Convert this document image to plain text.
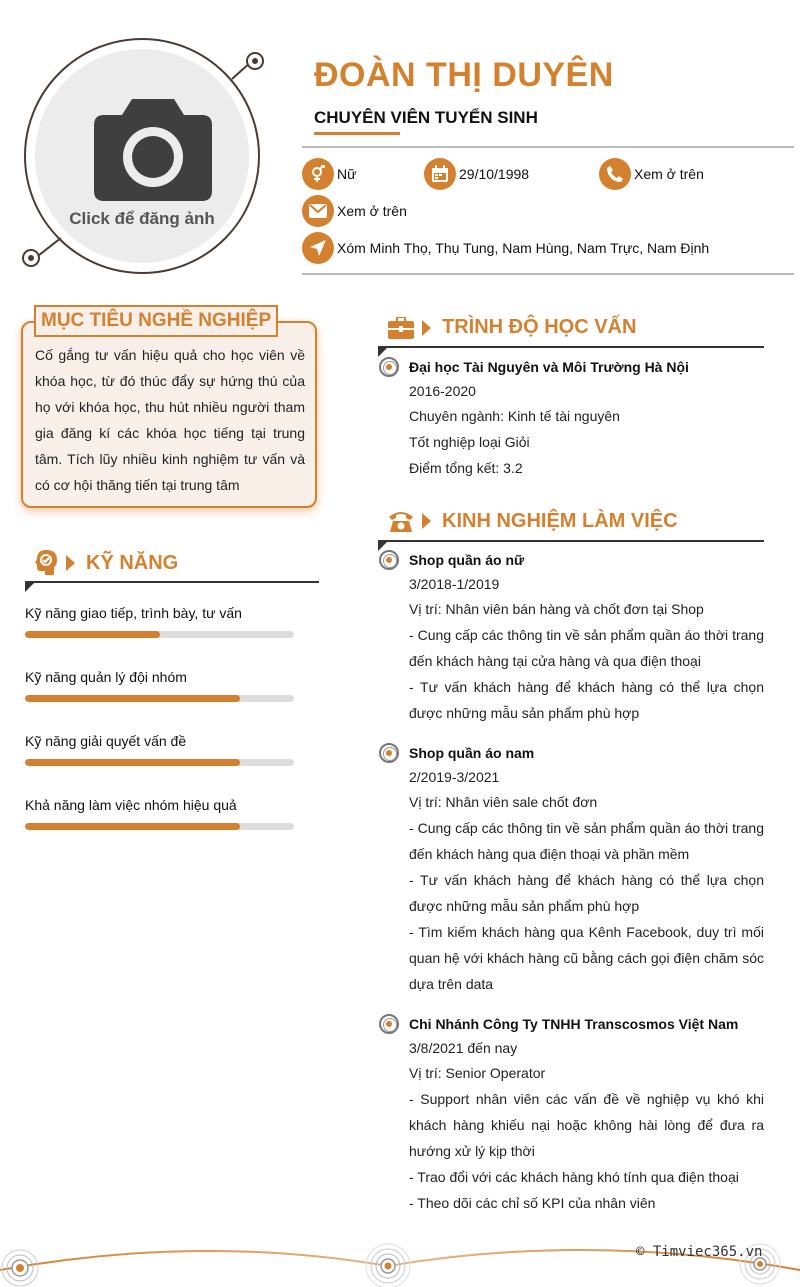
Click để đăng ảnh
ĐOÀN THỊ DUYÊN
CHUYÊN VIÊN TUYỂN SINH
Nữ	29/10/1998	Xem ở trên
Xem ở trên
Xóm Minh Thọ, Thụ Tung, Nam Hùng, Nam Trực, Nam Định
MỤC TIÊU NGHỀ NGHIỆP
Cố gắng tư vấn hiệu quả cho học viên về khóa học, từ đó thúc đẩy sự hứng thú của họ với khóa học, thu hút nhiều người tham gia đăng kí các khóa học tiếng tại trung tâm. Tích lũy nhiều kinh nghiệm tư vấn và có cơ hội thăng tiến tại trung tâm
KỸ NĂNG
Kỹ năng giao tiếp, trình bày, tư vấn
Kỹ năng quản lý đội nhóm
Kỹ năng giải quyết vấn đề
Khả năng làm việc nhóm hiệu quả
TRÌNH ĐỘ HỌC VẤN
Đại học Tài Nguyên và Môi Trường Hà Nội
2016-2020
Chuyên ngành: Kinh tế tài nguyên
Tốt nghiệp loại Giỏi
Điểm tổng kết: 3.2
KINH NGHIỆM LÀM VIỆC
Shop quần áo nữ
3/2018-1/2019
Vị trí: Nhân viên bán hàng và chốt đơn tại Shop
- Cung cấp các thông tin về sản phẩm quần áo thời trang đến khách hàng tại cửa hàng và qua điện thoại
- Tư vấn khách hàng để khách hàng có thể lựa chọn được những mẫu sản phẩm phù hợp
Shop quần áo nam
2/2019-3/2021
Vị trí: Nhân viên sale chốt đơn
- Cung cấp các thông tin về sản phẩm quần áo thời trang đến khách hàng qua điện thoại và phần mềm
- Tư vấn khách hàng để khách hàng có thể lựa chọn được những mẫu sản phẩm phù hợp
- Tìm kiếm khách hàng qua Kênh Facebook, duy trì mối quan hệ với khách hàng cũ bằng cách gọi điện chăm sóc dựa trên data
Chi Nhánh Công Ty TNHH Transcosmos Việt Nam
3/8/2021 đến nay
Vị trí: Senior Operator
- Support nhân viên các vấn đề về nghiệp vụ khó khi khách hàng khiếu nại hoặc không hài lòng để đưa ra hướng xử lý kịp thời
- Trao đổi với các khách hàng khó tính qua điện thoại
- Theo dõi các chỉ số KPI của nhân viên
© Timviec365.vn
